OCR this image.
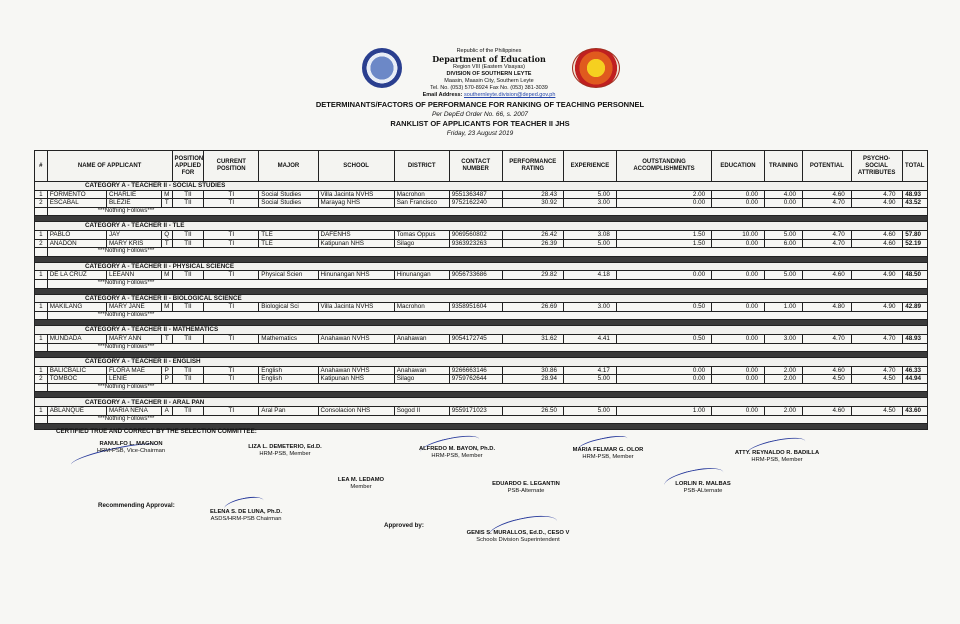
Republic of the Philippines
Department of Education
Region VIII (Eastern Visayas)
DIVISION OF SOUTHERN LEYTE
Maasin, Maasin City, Southern Leyte
Tel. No. (053) 570-8924 Fax No. (053) 381-3039
Email Address: southernleyte.division@deped.gov.ph
DETERMINANTS/FACTORS OF PERFORMANCE FOR RANKING OF TEACHING PERSONNEL
Per DepEd Order No. 66, s. 2007
RANKLIST OF APPLICANTS FOR TEACHER II JHS
Friday, 23 August 2019
#	NAME OF APPLICANT			POSITION APPLIED FOR	CURRENT POSITION	MAJOR	SCHOOL	DISTRICT	CONTACT NUMBER	PERFORMANCE RATING	EXPERIENCE	OUTSTANDING ACCOMPLISHMENTS	EDUCATION	TRAINING	POTENTIAL	PSYCHO-SOCIAL ATTRIBUTES	TOTAL
CATEGORY A - TEACHER II - SOCIAL STUDIES																	
1	FORMENTO	CHARLIE	M	TII	TI	Social Studies	Villa Jacinta NVHS	Macrohon	9551363487	28.43	5.00	2.00	0.00	4.00	4.60	4.70	48.93
2	ESCABAL	BLEZIE	T	TII	TI	Social Studies	Marayag NHS	San Francisco	9752162240	30.92	3.00	0.00	0.00	0.00	4.70	4.90	43.52
	***Nothing Follows***																

CATEGORY A - TEACHER II - TLE																	
1	PABLO	JAY	Q	TII	TI	TLE	DAFENHS	Tomas Oppus	9069560802	26.42	3.08	1.50	10.00	5.00	4.70	4.60	57.80
2	ANADON	MARY KRIS	T	TII	TI	TLE	Katipunan NHS	Silago	9363923263	26.39	5.00	1.50	0.00	6.00	4.70	4.60	52.19
	***Nothing Follows***																

CATEGORY A - TEACHER II - PHYSICAL SCIENCE																	
1	DE LA CRUZ	LEEANN	M	TII	TI	Physical Scien	Hinunangan NHS	Hinunangan	9056733686	29.82	4.18	0.00	0.00	5.00	4.60	4.90	48.50
	***Nothing Follows***																

CATEGORY A - TEACHER II - BIOLOGICAL SCIENCE																	
1	MAKILANG	MARY JANE	M	TII	TI	Biological Sci	Villa Jacinta NVHS	Macrohon	9358951604	26.69	3.00	0.50	0.00	1.00	4.80	4.90	42.89
	***Nothing Follows***																

CATEGORY A - TEACHER II - MATHEMATICS																	
1	MUNDADA	MARY ANN	T	TII	TI	Mathematics	Anahawan NVHS	Anahawan	9054172745	31.62	4.41	0.50	0.00	3.00	4.70	4.70	48.93
	***Nothing Follows***																

CATEGORY A - TEACHER II - ENGLISH																	
1	BALICBALIC	FLORA MAE	P	TII	TI	English	Anahawan NVHS	Anahawan	9266663146	30.86	4.17	0.00	0.00	2.00	4.60	4.70	46.33
2	TOMBOC	LENIE	P	TII	TI	English	Katipunan NHS	Silago	9759762644	28.94	5.00	0.00	0.00	2.00	4.50	4.50	44.94
	***Nothing Follows***																

CATEGORY A - TEACHER II - ARAL PAN																	
1	ABLANQUE	MARIA NENA	A	TII	TI	Aral Pan	Consolacion NHS	Sogod II	9559171023	26.50	5.00	1.00	0.00	2.00	4.60	4.50	43.60
	***Nothing Follows***																

CERTIFIED TRUE AND CORRECT BY THE SELECTION COMMITTEE:
RANULFO L. MAGNON
HRM-PSB, Vice-Chairman
LIZA L. DEMETERIO, Ed.D.
HRM-PSB, Member
ALFREDO M. BAYON, Ph.D.
HRM-PSB, Member
MARIA FELMAR G. OLOR
HRM-PSB, Member
ATTY. REYNALDO R. BADILLA
HRM-PSB, Member
LEA M. LEDAMO
Member	EDUARDO E. LEGANTIN
PSB-Alternate
LORLIN R. MALBAS
PSB-ALternate
Recommending Approval:
ELENA S. DE LUNA, Ph.D.
ASDS/HRM-PSB Chairman
Approved by:
GENIS S. MURALLOS, Ed.D., CESO V
Schools Division Superintendent
